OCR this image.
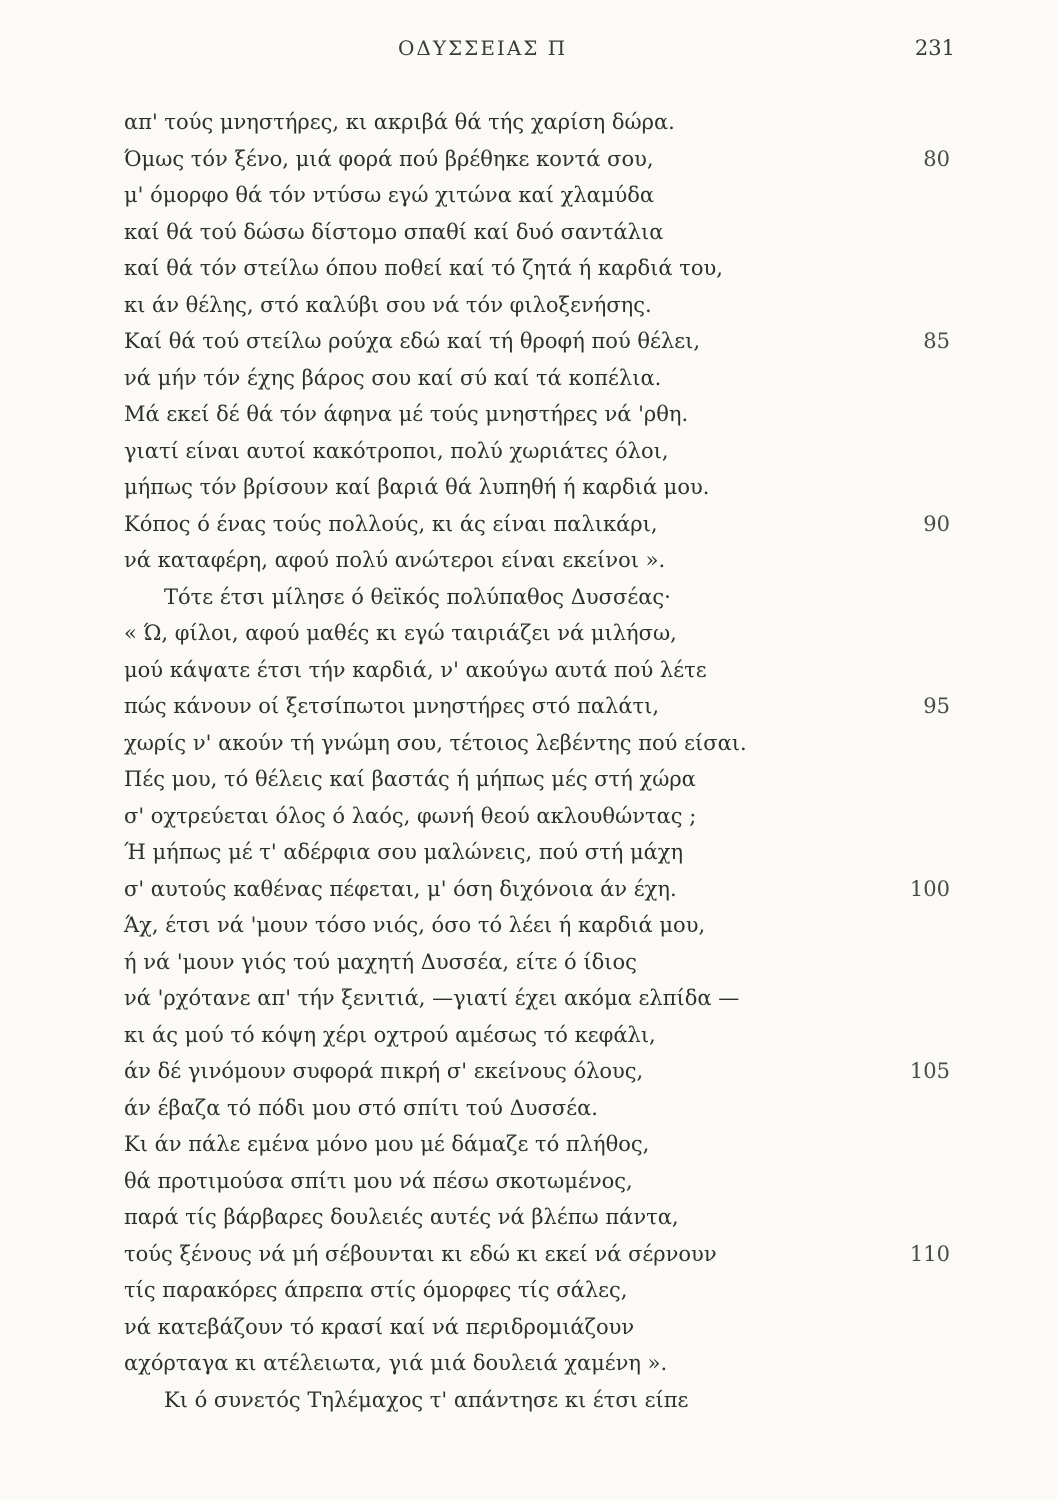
ΟΔΥΣΣΕΙΑΣ Π	231
απ' τούς μνηστήρες, κι ακριβά θά τής χαρίση δώρα.
Όμως τόν ξένο, μιά φορά πού βρέθηκε κοντά σου,	80
μ' όμορφο θά τόν ντύσω εγώ χιτώνα καί χλαμύδα
καί θά τού δώσω δίστομο σπαθί καί δυό σαντάλια
καί θά τόν στείλω όπου ποθεί καί τό ζητά ή καρδιά του,
κι άν θέλης, στό καλύβι σου νά τόν φιλοξενήσης.
Καί θά τού στείλω ρούχα εδώ καί τή θροφή πού θέλει,	85
νά μήν τόν έχης βάρος σου καί σύ καί τά κοπέλια.
Μά εκεί δέ θά τόν άφηνα μέ τούς μνηστήρες νά 'ρθη.
γιατί είναι αυτοί κακότροποι, πολύ χωριάτες όλοι,
μήπως τόν βρίσουν καί βαριά θά λυπηθή ή καρδιά μου.
Κόπος ό ένας τούς πολλούς, κι άς είναι παλικάρι,	90
νά καταφέρη, αφού πολύ ανώτεροι είναι εκείνοι ».
Τότε έτσι μίλησε ό θεϊκός πολύπαθος Δυσσέας·
« Ώ, φίλοι, αφού μαθές κι εγώ ταιριάζει νά μιλήσω,
μού κάψατε έτσι τήν καρδιά, ν' ακούγω αυτά πού λέτε
πώς κάνουν οί ξετσίπωτοι μνηστήρες στό παλάτι,	95
χωρίς ν' ακούν τή γνώμη σου, τέτοιος λεβέντης πού είσαι.
Πές μου, τό θέλεις καί βαστάς ή μήπως μές στή χώρα
σ' οχτρεύεται όλος ό λαός, φωνή θεού ακλουθώντας ;
Ή μήπως μέ τ' αδέρφια σου μαλώνεις, πού στή μάχη
σ' αυτούς καθένας πέφεται, μ' όση διχόνοια άν έχη.	100
Άχ, έτσι νά 'μουν τόσο νιός, όσο τό λέει ή καρδιά μου,
ή νά 'μουν γιός τού μαχητή Δυσσέα, είτε ό ίδιος
νά 'ρχότανε απ' τήν ξενιτιά, —γιατί έχει ακόμα ελπίδα —
κι άς μού τό κόψη χέρι οχτρού αμέσως τό κεφάλι,
άν δέ γινόμουν συφορά πικρή σ' εκείνους όλους,	105
άν έβαζα τό πόδι μου στό σπίτι τού Δυσσέα.
Κι άν πάλε εμένα μόνο μου μέ δάμαζε τό πλήθος,
θά προτιμούσα σπίτι μου νά πέσω σκοτωμένος,
παρά τίς βάρβαρες δουλειές αυτές νά βλέπω πάντα,
τούς ξένους νά μή σέβουνται κι εδώ κι εκεί νά σέρνουν	110
τίς παρακόρες άπρεπα στίς όμορφες τίς σάλες,
νά κατεβάζουν τό κρασί καί νά περιδρομιάζουν
αχόρταγα κι ατέλειωτα, γιά μιά δουλειά χαμένη ».
Κι ό συνετός Τηλέμαχος τ' απάντησε κι έτσι είπε
